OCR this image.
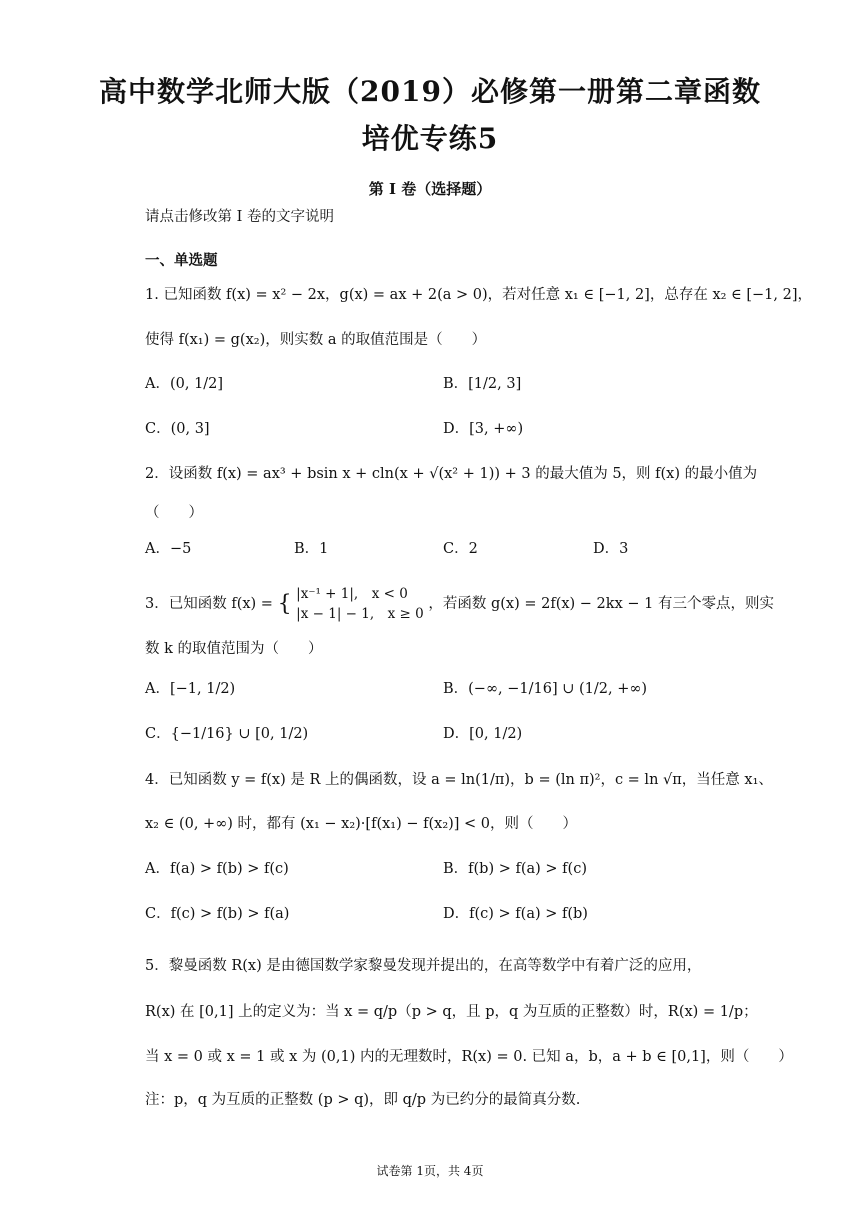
高中数学北师大版（2019）必修第一册第二章函数
培优专练5
第 I 卷（选择题）
请点击修改第 I 卷的文字说明
一、单选题
1. 已知函数 f(x) = x² − 2x，g(x) = ax + 2(a > 0)，若对任意 x₁ ∈ [−1, 2]，总存在 x₂ ∈ [−1, 2]，
使得 f(x₁) = g(x₂)，则实数 a 的取值范围是（　　）
A．(0, 1/2]	B．[1/2, 3]
C．(0, 3]	D．[3, +∞)
2．设函数 f(x) = ax³ + bsin x + cln(x + √(x² + 1)) + 3 的最大值为 5，则 f(x) 的最小值为
（　　）
A．−5	B．1	C．2	D．3
3．已知函数 f(x) = { |x⁻¹ + 1|,　x < 0
|x − 1| − 1,　x ≥ 0
，若函数 g(x) = 2f(x) − 2kx − 1 有三个零点，则实
数 k 的取值范围为（　　）
A．[−1, 1/2)	B．(−∞, −1/16] ∪ (1/2, +∞)
C．{−1/16} ∪ [0, 1/2)	D．[0, 1/2)
4．已知函数 y = f(x) 是 R 上的偶函数，设 a = ln(1/π)，b = (ln π)²，c = ln √π，当任意 x₁、
x₂ ∈ (0, +∞) 时，都有 (x₁ − x₂)·[f(x₁) − f(x₂)] < 0，则（　　）
A．f(a) > f(b) > f(c)	B．f(b) > f(a) > f(c)
C．f(c) > f(b) > f(a)	D．f(c) > f(a) > f(b)
5．黎曼函数 R(x) 是由德国数学家黎曼发现并提出的，在高等数学中有着广泛的应用，
R(x) 在 [0,1] 上的定义为：当 x = q/p（p > q，且 p，q 为互质的正整数）时，R(x) = 1/p；
当 x = 0 或 x = 1 或 x 为 (0,1) 内的无理数时，R(x) = 0. 已知 a，b，a + b ∈ [0,1]，则（　　）
注：p，q 为互质的正整数 (p > q)，即 q/p 为已约分的最简真分数.
试卷第 1页，共 4页
